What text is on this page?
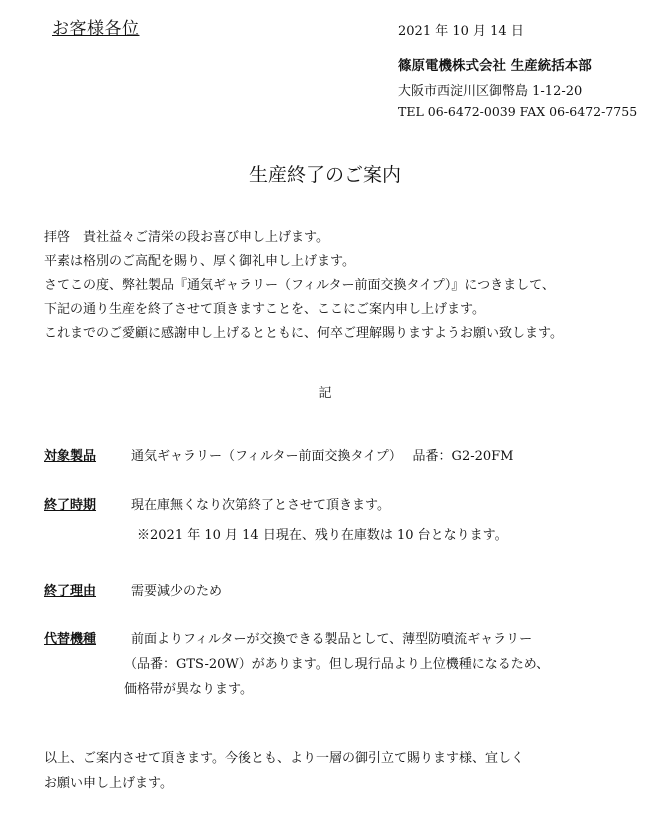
お客様各位	2021 年 10 月 14 日
篠原電機株式会社 生産統括本部
大阪市西淀川区御幣島 1-12-20
TEL 06-6472-0039 FAX 06-6472-7755
生産終了のご案内
拝啓　貴社益々ご清栄の段お喜び申し上げます。
平素は格別のご高配を賜り、厚く御礼申し上げます。
さてこの度、弊社製品『通気ギャラリー（フィルター前面交換タイプ）』につきまして、
下記の通り生産を終了させて頂きますことを、ここにご案内申し上げます。
これまでのご愛顧に感謝申し上げるとともに、何卒ご理解賜りますようお願い致します。
記
対象製品	通気ギャラリー（フィルター前面交換タイプ）　 品番：G2-20FM
終了時期	現在庫無くなり次第終了とさせて頂きます。
※2021 年 10 月 14 日現在、残り在庫数は 10 台となります。
終了理由	需要減少のため
代替機種	前面よりフィルターが交換できる製品として、薄型防噴流ギャラリー
（品番：GTS-20W）があります。但し現行品より上位機種になるため、
価格帯が異なります。
以上、ご案内させて頂きます。今後とも、より一層の御引立て賜ります様、宜しく
お願い申し上げます。
